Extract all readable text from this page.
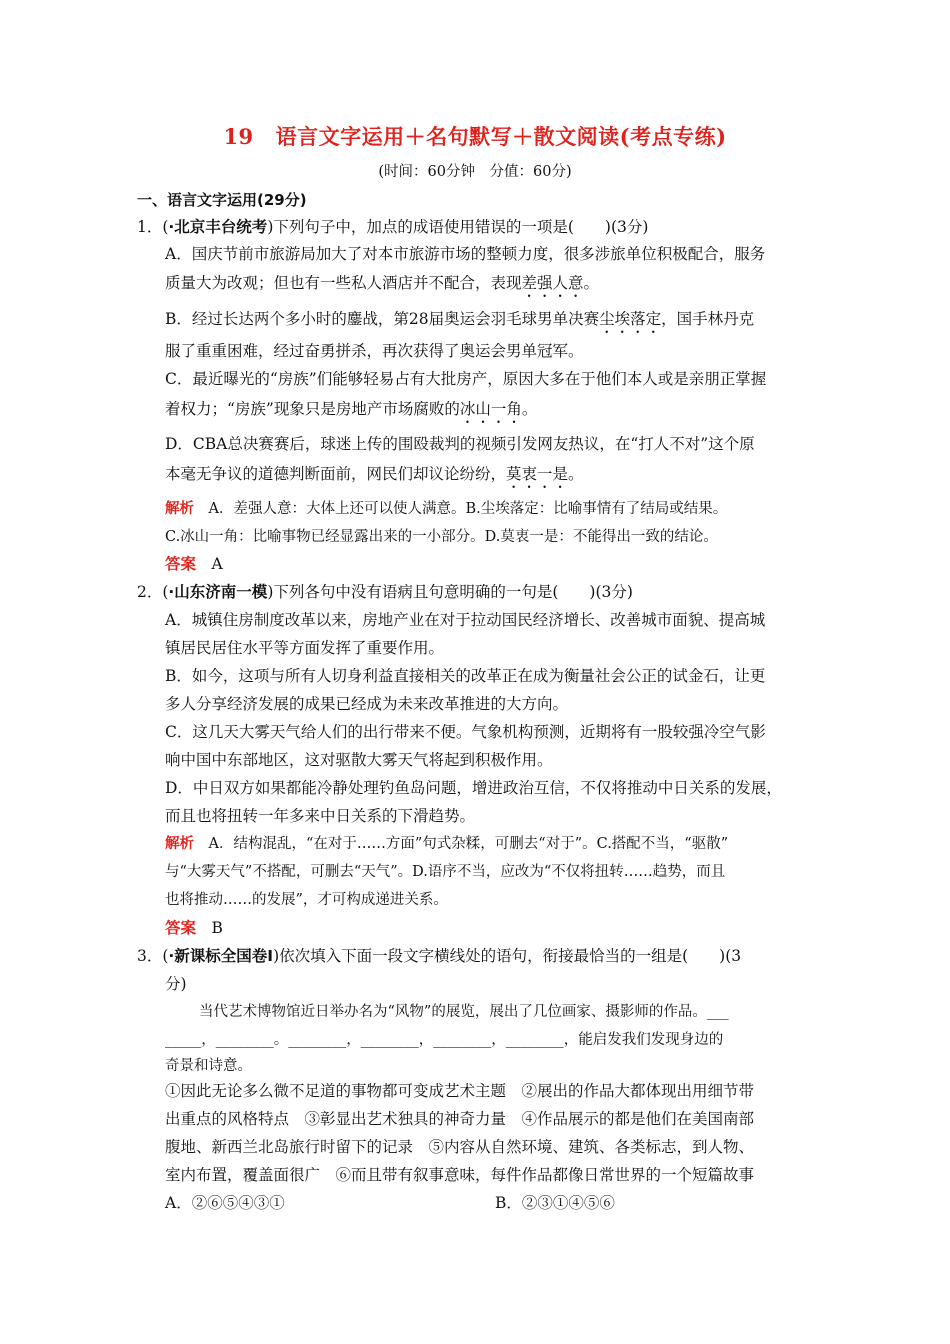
19 语言文字运用＋名句默写＋散文阅读(考点专练)
(时间：60分钟　分值：60分)
一、语言文字运用(29分)
1．(·北京丰台统考)下列句子中，加点的成语使用错误的一项是(　　)(3分)
A．国庆节前市旅游局加大了对本市旅游市场的整顿力度，很多涉旅单位积极配合，服务
质量大为改观；但也有一些私人酒店并不配合，表现差强人意。
B．经过长达两个多小时的鏖战，第28届奥运会羽毛球男单决赛尘埃落定，国手林丹克
服了重重困难，经过奋勇拼杀，再次获得了奥运会男单冠军。
C．最近曝光的“房族”们能够轻易占有大批房产，原因大多在于他们本人或是亲朋正掌握
着权力；“房族”现象只是房地产市场腐败的冰山一角。
D．CBA总决赛赛后，球迷上传的围殴裁判的视频引发网友热议，在“打人不对”这个原
本毫无争议的道德判断面前，网民们却议论纷纷，莫衷一是。
解析　 A．差强人意：大体上还可以使人满意。B.尘埃落定：比喻事情有了结局或结果。
C.冰山一角：比喻事物已经显露出来的一小部分。D.莫衷一是：不能得出一致的结论。
答案　 A
2．(·山东济南一模)下列各句中没有语病且句意明确的一句是(　　)(3分)
A．城镇住房制度改革以来，房地产业在对于拉动国民经济增长、改善城市面貌、提高城
镇居民居住水平等方面发挥了重要作用。
B．如今，这项与所有人切身利益直接相关的改革正在成为衡量社会公正的试金石，让更
多人分享经济发展的成果已经成为未来改革推进的大方向。
C．这几天大雾天气给人们的出行带来不便。气象机构预测，近期将有一股较强冷空气影
响中国中东部地区，这对驱散大雾天气将起到积极作用。
D．中日双方如果都能冷静处理钓鱼岛问题，增进政治互信，不仅将推动中日关系的发展，
而且也将扭转一年多来中日关系的下滑趋势。
解析　 A．结构混乱，“在对于……方面”句式杂糅，可删去“对于”。C.搭配不当，“驱散”
与“大雾天气”不搭配，可删去“天气”。D.语序不当，应改为“不仅将扭转……趋势，而且
也将推动……的发展”，才可构成递进关系。
答案　 B
3．(·新课标全国卷Ⅰ)依次填入下面一段文字横线处的语句，衔接最恰当的一组是(　　)(3
分)
当代艺术博物馆近日举办名为“风物”的展览，展出了几位画家、摄影师的作品。___
_____，________。________，________，________，________，能启发我们发现身边的
奇景和诗意。
①因此无论多么微不足道的事物都可变成艺术主题　②展出的作品大都体现出用细节带
出重点的风格特点　③彰显出艺术独具的神奇力量　④作品展示的都是他们在美国南部
腹地、新西兰北岛旅行时留下的记录　⑤内容从自然环境、建筑、各类标志，到人物、
室内布置，覆盖面很广　⑥而且带有叙事意味，每件作品都像日常世界的一个短篇故事
A．②⑥⑤④③①	B．②③①④⑤⑥
